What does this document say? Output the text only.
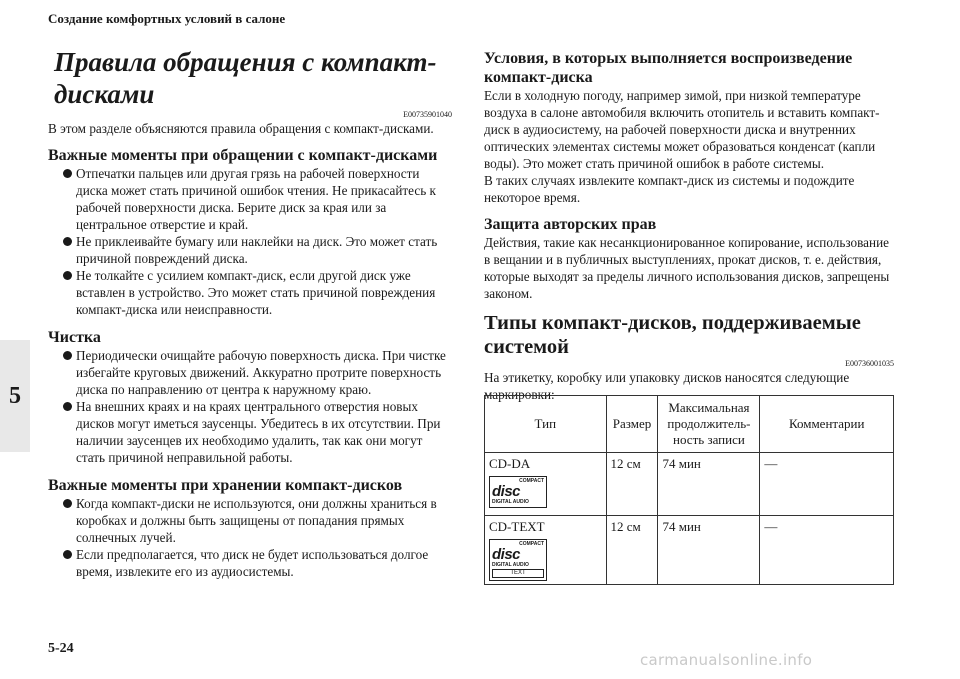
Создание комфортных условий в салоне
5
5-24
carmanualsonline.info
Правила обращения с компакт-дисками
E00735901040

В этом разделе объясняются правила обращения с компакт-дисками.

Важные моменты при обращении с компакт-дисками
Отпечатки пальцев или другая грязь на рабочей поверхности диска может стать причиной ошибок чтения. Не прикасайтесь к рабочей поверхности диска. Берите диск за края или за центральное отверстие и край.
Не приклеивайте бумагу или наклейки на диск. Это может стать причиной повреждений диска.
Не толкайте с усилием компакт-диск, если другой диск уже вставлен в устройство. Это может стать причиной повреждения компакт-диска или неисправности.
Чистка
Периодически очищайте рабочую поверхность диска. При чистке избегайте круговых движений. Аккуратно протрите поверхность диска по направлению от центра к наружному краю.
На внешних краях и на краях центрального отверстия новых дисков могут иметься заусенцы. Убедитесь в их отсутствии. При наличии заусенцев их необходимо удалить, так как они могут стать причиной неправильной работы.
Важные моменты при хранении компакт-дисков
Когда компакт-диски не используются, они должны храниться в коробках и должны быть защищены от попадания прямых солнечных лучей.
Если предполагается, что диск не будет использоваться долгое время, извлеките его из аудиосистемы.
Условия, в которых выполняется воспроизведение компакт-диска

Если в холодную погоду, например зимой, при низкой температуре воздуха в салоне автомобиля включить отопитель и вставить компакт-диск в аудиосистему, на рабочей поверхности диска и внутренних оптических элементах системы может образоваться конденсат (капли воды). Это может стать причиной ошибок в работе системы.

В таких случаях извлеките компакт-диск из системы и подождите некоторое время.

Защита авторских прав

Действия, такие как несанкционированное копирование, использование в вещании и в публичных выступлениях, прокат дисков, т. е. действия, которые выходят за пределы личного использования дисков, запрещены законом.

Типы компакт-дисков, поддерживаемые системой
E00736001035

На этикетку, коробку или упаковку дисков наносятся следующие маркировки:

Тип	Размер	Максимальная продолжитель-ность записи	Комментарии

CD-DA
COMPACT
disc
DIGITAL AUDIO	12 см	74 мин	—

CD-TEXT
COMPACT
disc
DIGITAL AUDIO
TEXT	12 см	74 мин	—
